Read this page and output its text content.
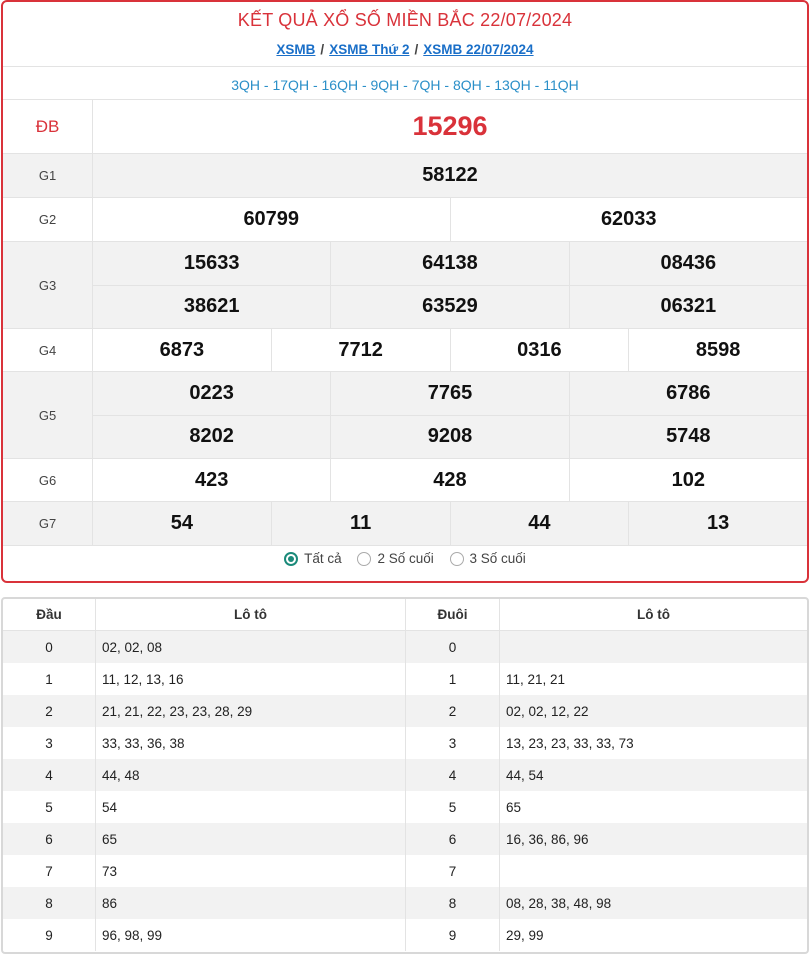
KẾT QUẢ XỔ SỐ MIỀN BẮC 22/07/2024
XSMB / XSMB Thứ 2 / XSMB 22/07/2024
3QH - 17QH - 16QH - 9QH - 7QH - 8QH - 13QH - 11QH
ĐB	15296
G1	58122
G2	60799	62033
G3
15633	64138	08436
38621	63529	06321
G4	6873	7712	0316	8598
G5
0223	7765	6786
8202	9208	5748
G6	423	428	102
G7	54	11	44	13
Tất cả
	2 Số cuối
	3 Số cuối
Đầu	Lô tô	Đuôi	Lô tô
0	02, 02, 08	0
1	11, 12, 13, 16	1	11, 21, 21
2	21, 21, 22, 23, 23, 28, 29	2	02, 02, 12, 22
3	33, 33, 36, 38	3	13, 23, 23, 33, 33, 73
4	44, 48	4	44, 54
5	54	5	65
6	65	6	16, 36, 86, 96
7	73	7
8	86	8	08, 28, 38, 48, 98
9	96, 98, 99	9	29, 99
